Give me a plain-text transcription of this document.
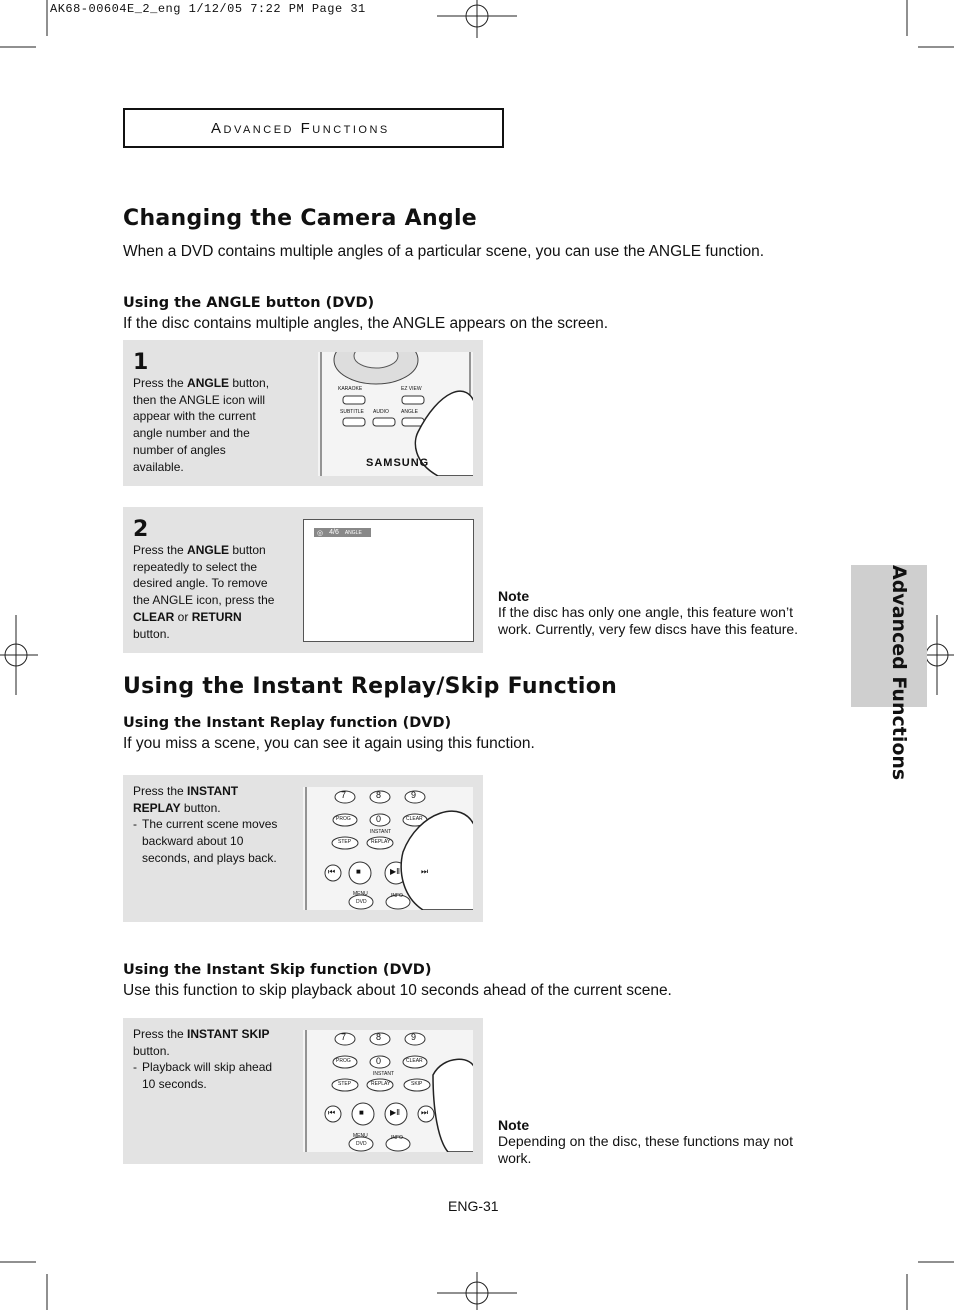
AK68-00604E_2_eng 1/12/05 7:22 PM Page 31
Advanced Functions
Advanced Functions
Changing the Camera Angle
When a DVD contains multiple angles of a particular scene, you can use the ANGLE function.
Using the ANGLE button (DVD)
If the disc contains multiple angles, the ANGLE appears on the screen.
1
Press the ANGLE button, then the ANGLE icon will appear with the current angle number and the number of angles available.
KARAOKE	EZ VIEW
SUBTITLE AUDIO ANGLE
SAMSUNG
2
Press the ANGLE button repeatedly to select the desired angle. To remove the ANGLE icon, press the CLEAR or RETURN button.
◎ 4/6 ANGLE
Note
If the disc has only one angle, this feature won’t work. Currently, very few discs have this feature.
Using the Instant Replay/Skip Function
Using the Instant Replay function (DVD)
If you miss a scene, you can see it again using this function.
Press the INSTANT REPLAY button.
- The current scene moves backward about 10 seconds, and plays back.
7	8	9
PROG	0	CLEAR
INSTANT
STEP	REPLAY
MENU	INFO
DVD
⏮	■	▶Ⅱ	⏭
Using the Instant Skip function (DVD)
Use this function to skip playback about 10 seconds ahead of the current scene.
Press the INSTANT SKIP button.
- Playback will skip ahead 10 seconds.
7	8	9
PROG	0	CLEAR
INSTANT
STEP	REPLAY	SKIP
MENU	INFO
DVD
⏮	■	▶Ⅱ	⏭
Note
Depending on the disc, these functions may not work.
ENG-31
